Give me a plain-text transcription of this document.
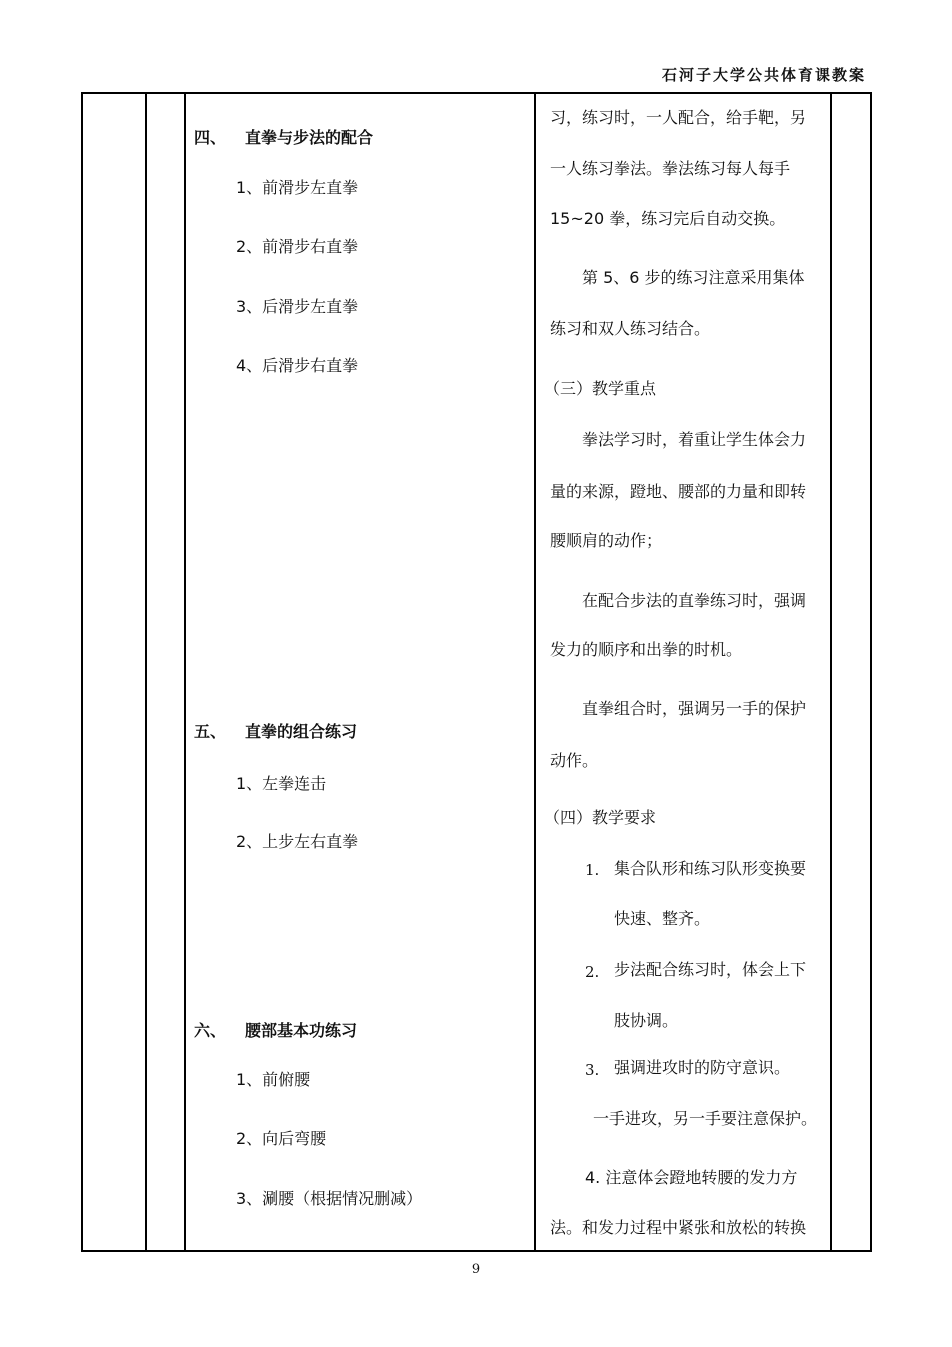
石河子大学公共体育课教案
四、 直拳与步法的配合
1、前滑步左直拳
2、前滑步右直拳
3、后滑步左直拳
4、后滑步右直拳
五、 直拳的组合练习
1、左拳连击
2、上步左右直拳
六、 腰部基本功练习
1、前俯腰
2、向后弯腰
3、涮腰（根据情况删减）
习，练习时，一人配合，给手靶，另
一人练习拳法。拳法练习每人每手
15~20 拳，练习完后自动交换。
第 5、6 步的练习注意采用集体
练习和双人练习结合。
（三）教学重点
拳法学习时，着重让学生体会力
量的来源，蹬地、腰部的力量和即转
腰顺肩的动作；
在配合步法的直拳练习时，强调
发力的顺序和出拳的时机。
直拳组合时，强调另一手的保护
动作。
（四）教学要求
1. 集合队形和练习队形变换要
快速、整齐。
2. 步法配合练习时，体会上下
肢协调。
3. 强调进攻时的防守意识。
一手进攻，另一手要注意保护。
4. 注意体会蹬地转腰的发力方
法。和发力过程中紧张和放松的转换
9
